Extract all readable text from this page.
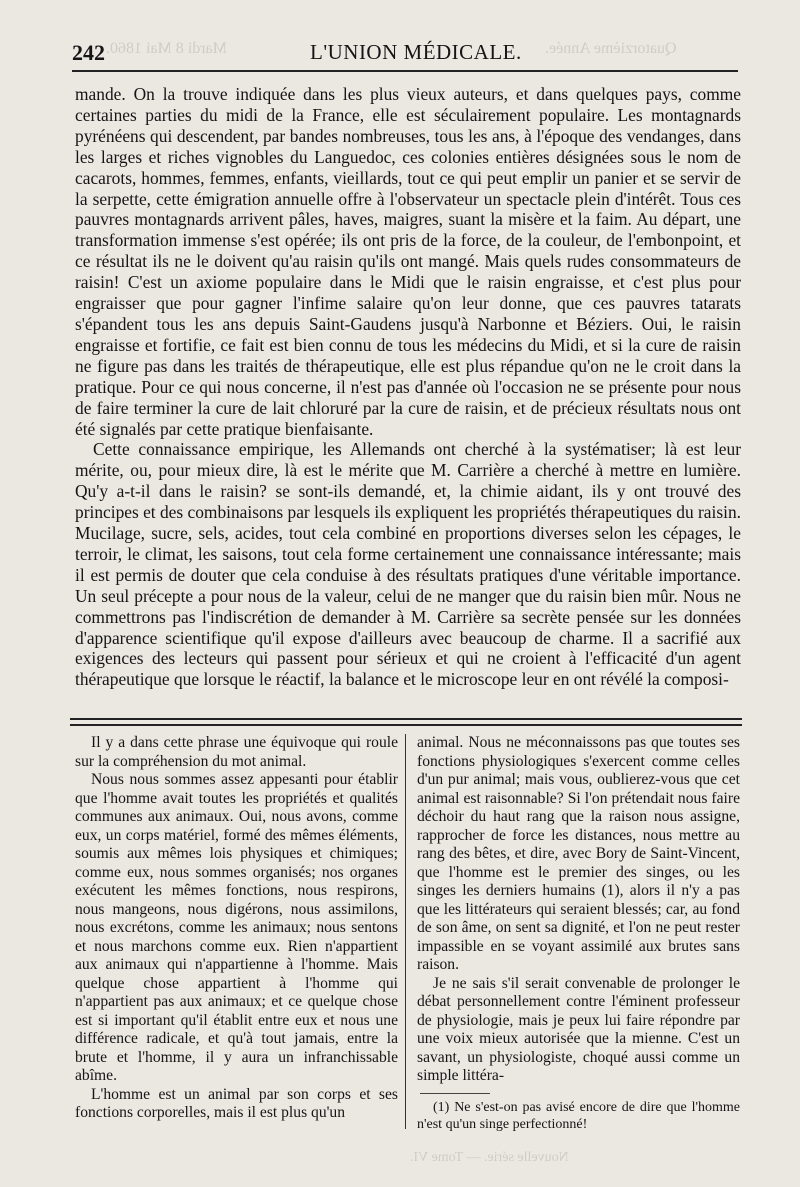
Mardi 8 Mai 1860.	Quatorzième Année.
Nouvelle série. — Tome VI.
242	L'UNION MÉDICALE.

mande. On la trouve indiquée dans les plus vieux auteurs, et dans quelques pays, comme certaines parties du midi de la France, elle est séculairement populaire. Les montagnards pyrénéens qui descendent, par bandes nombreuses, tous les ans, à l'époque des vendanges, dans les larges et riches vignobles du Languedoc, ces colonies entières désignées sous le nom de cacarots, hommes, femmes, enfants, vieillards, tout ce qui peut emplir un panier et se servir de la serpette, cette émigration annuelle offre à l'observateur un spectacle plein d'intérêt. Tous ces pauvres montagnards arrivent pâles, haves, maigres, suant la misère et la faim. Au départ, une transformation immense s'est opérée; ils ont pris de la force, de la couleur, de l'embonpoint, et ce résultat ils ne le doivent qu'au raisin qu'ils ont mangé. Mais quels rudes consommateurs de raisin! C'est un axiome populaire dans le Midi que le raisin engraisse, et c'est plus pour engraisser que pour gagner l'infime salaire qu'on leur donne, que ces pauvres tatarats s'épandent tous les ans depuis Saint-Gaudens jusqu'à Narbonne et Béziers. Oui, le raisin engraisse et fortifie, ce fait est bien connu de tous les médecins du Midi, et si la cure de raisin ne figure pas dans les traités de thérapeutique, elle est plus répandue qu'on ne le croit dans la pratique. Pour ce qui nous concerne, il n'est pas d'année où l'occasion ne se présente pour nous de faire terminer la cure de lait chloruré par la cure de raisin, et de précieux résultats nous ont été signalés par cette pratique bienfaisante.

Cette connaissance empirique, les Allemands ont cherché à la systématiser; là est leur mérite, ou, pour mieux dire, là est le mérite que M. Carrière a cherché à mettre en lumière. Qu'y a-t-il dans le raisin? se sont-ils demandé, et, la chimie aidant, ils y ont trouvé des principes et des combinaisons par lesquels ils expliquent les propriétés thérapeutiques du raisin. Mucilage, sucre, sels, acides, tout cela combiné en proportions diverses selon les cépages, le terroir, le climat, les saisons, tout cela forme certainement une connaissance intéressante; mais il est permis de douter que cela conduise à des résultats pratiques d'une véritable importance. Un seul précepte a pour nous de la valeur, celui de ne manger que du raisin bien mûr. Nous ne commettrons pas l'indiscrétion de demander à M. Carrière sa secrète pensée sur les données d'apparence scientifique qu'il expose d'ailleurs avec beaucoup de charme. Il a sacrifié aux exigences des lecteurs qui passent pour sérieux et qui ne croient à l'efficacité d'un agent thérapeutique que lorsque le réactif, la balance et le microscope leur en ont révélé la composi-

Il y a dans cette phrase une équivoque qui roule sur la compréhension du mot animal.

Nous nous sommes assez appesanti pour établir que l'homme avait toutes les propriétés et qualités communes aux animaux. Oui, nous avons, comme eux, un corps matériel, formé des mêmes éléments, soumis aux mêmes lois physiques et chimiques; comme eux, nous sommes organisés; nos organes exécutent les mêmes fonctions, nous respirons, nous mangeons, nous digérons, nous assimilons, nous excrétons, comme les animaux; nous sentons et nous marchons comme eux. Rien n'appartient aux animaux qui n'appartienne à l'homme. Mais quelque chose appartient à l'homme qui n'appartient pas aux animaux; et ce quelque chose est si important qu'il établit entre eux et nous une différence radicale, et qu'à tout jamais, entre la brute et l'homme, il y aura un infranchissable abîme.

L'homme est un animal par son corps et ses fonctions corporelles, mais il est plus qu'un

animal. Nous ne méconnaissons pas que toutes ses fonctions physiologiques s'exercent comme celles d'un pur animal; mais vous, oublierez-vous que cet animal est raisonnable? Si l'on prétendait nous faire déchoir du haut rang que la raison nous assigne, rapprocher de force les distances, nous mettre au rang des bêtes, et dire, avec Bory de Saint-Vincent, que l'homme est le premier des singes, ou les singes les derniers humains (1), alors il n'y a pas que les littérateurs qui seraient blessés; car, au fond de son âme, on sent sa dignité, et l'on ne peut rester impassible en se voyant assimilé aux brutes sans raison.

Je ne sais s'il serait convenable de prolonger le débat personnellement contre l'éminent professeur de physiologie, mais je peux lui faire répondre par une voix mieux autorisée que la mienne. C'est un savant, un physiologiste, choqué aussi comme un simple littéra-

(1) Ne s'est-on pas avisé encore de dire que l'homme n'est qu'un singe perfectionné!
